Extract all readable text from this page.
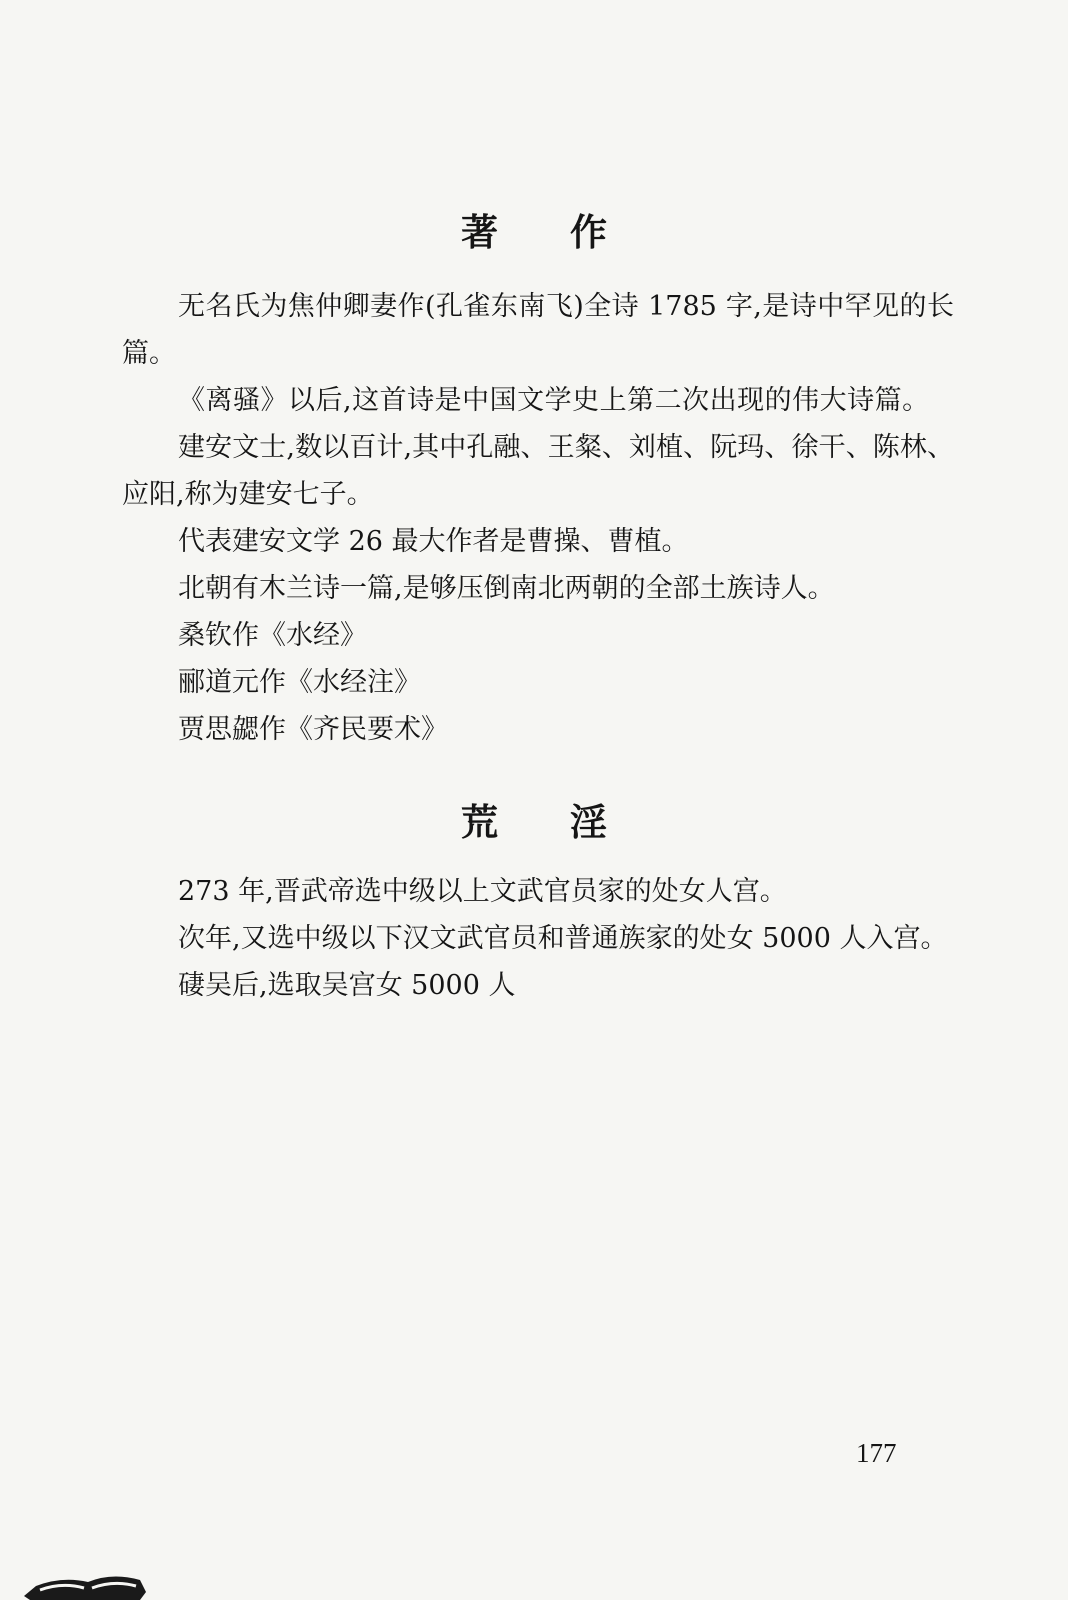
著作

无名氏为焦仲卿妻作(孔雀东南飞)全诗 1785 字,是诗中罕见的长篇。

《离骚》以后,这首诗是中国文学史上第二次出现的伟大诗篇。

建安文士,数以百计,其中孔融、王粲、刘植、阮玛、徐干、陈林、应阳,称为建安七子。

代表建安文学 26 最大作者是曹操、曹植。

北朝有木兰诗一篇,是够压倒南北两朝的全部土族诗人。

桑钦作《水经》

郦道元作《水经注》

贾思勰作《齐民要术》

荒淫

273 年,晋武帝选中级以上文武官员家的处女人宫。

次年,又选中级以下汉文武官员和普通族家的处女 5000 人入宫。

䃀吴后,选取吴宫女 5000 人

177
